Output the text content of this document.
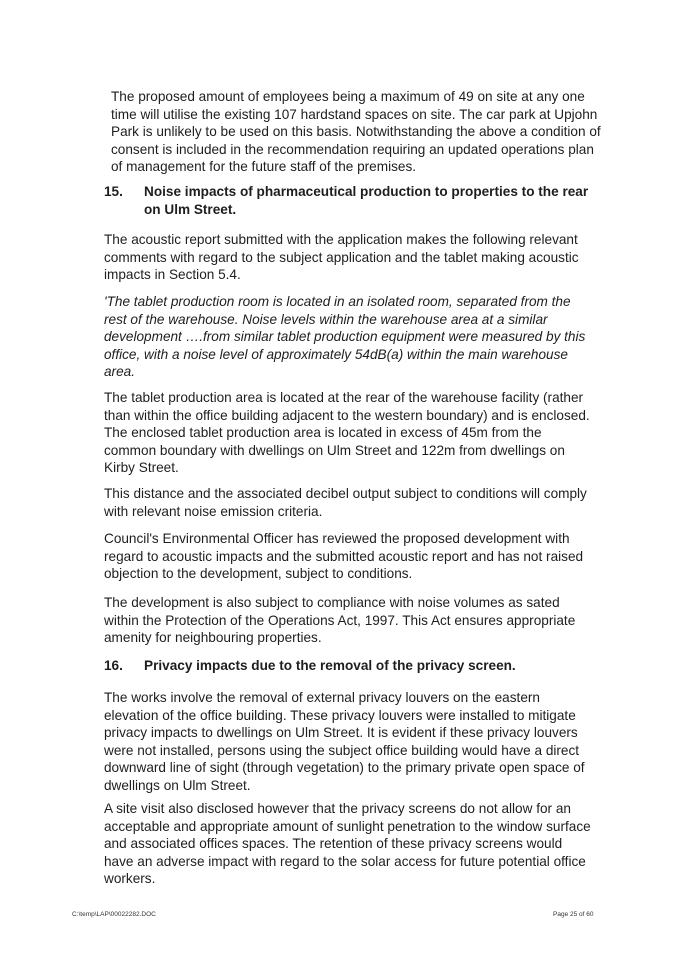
The proposed amount of employees being a maximum of 49 on site at any one
time will utilise the existing 107 hardstand spaces on site. The car park at Upjohn
Park is unlikely to be used on this basis. Notwithstanding the above a condition of
consent is included in the recommendation requiring an updated operations plan
of management for the future staff of the premises.

15. Noise impacts of pharmaceutical production to properties to the rear
on Ulm Street.

The acoustic report submitted with the application makes the following relevant
comments with regard to the subject application and the tablet making acoustic
impacts in Section 5.4.

'The tablet production room is located in an isolated room, separated from the
rest of the warehouse. Noise levels within the warehouse area at a similar
development ….from similar tablet production equipment were measured by this
office, with a noise level of approximately 54dB(a) within the main warehouse
area.

The tablet production area is located at the rear of the warehouse facility (rather
than within the office building adjacent to the western boundary) and is enclosed.
The enclosed tablet production area is located in excess of 45m from the
common boundary with dwellings on Ulm Street and 122m from dwellings on
Kirby Street.

This distance and the associated decibel output subject to conditions will comply
with relevant noise emission criteria.

Council's Environmental Officer has reviewed the proposed development with
regard to acoustic impacts and the submitted acoustic report and has not raised
objection to the development, subject to conditions.

The development is also subject to compliance with noise volumes as sated
within the Protection of the Operations Act, 1997. This Act ensures appropriate
amenity for neighbouring properties.

16. Privacy impacts due to the removal of the privacy screen.

The works involve the removal of external privacy louvers on the eastern
elevation of the office building. These privacy louvers were installed to mitigate
privacy impacts to dwellings on Ulm Street. It is evident if these privacy louvers
were not installed, persons using the subject office building would have a direct
downward line of sight (through vegetation) to the primary private open space of
dwellings on Ulm Street.

A site visit also disclosed however that the privacy screens do not allow for an
acceptable and appropriate amount of sunlight penetration to the window surface
and associated offices spaces. The retention of these privacy screens would
have an adverse impact with regard to the solar access for future potential office
workers.

C:\temp\LAP\00022282.DOC	Page 25 of 60
